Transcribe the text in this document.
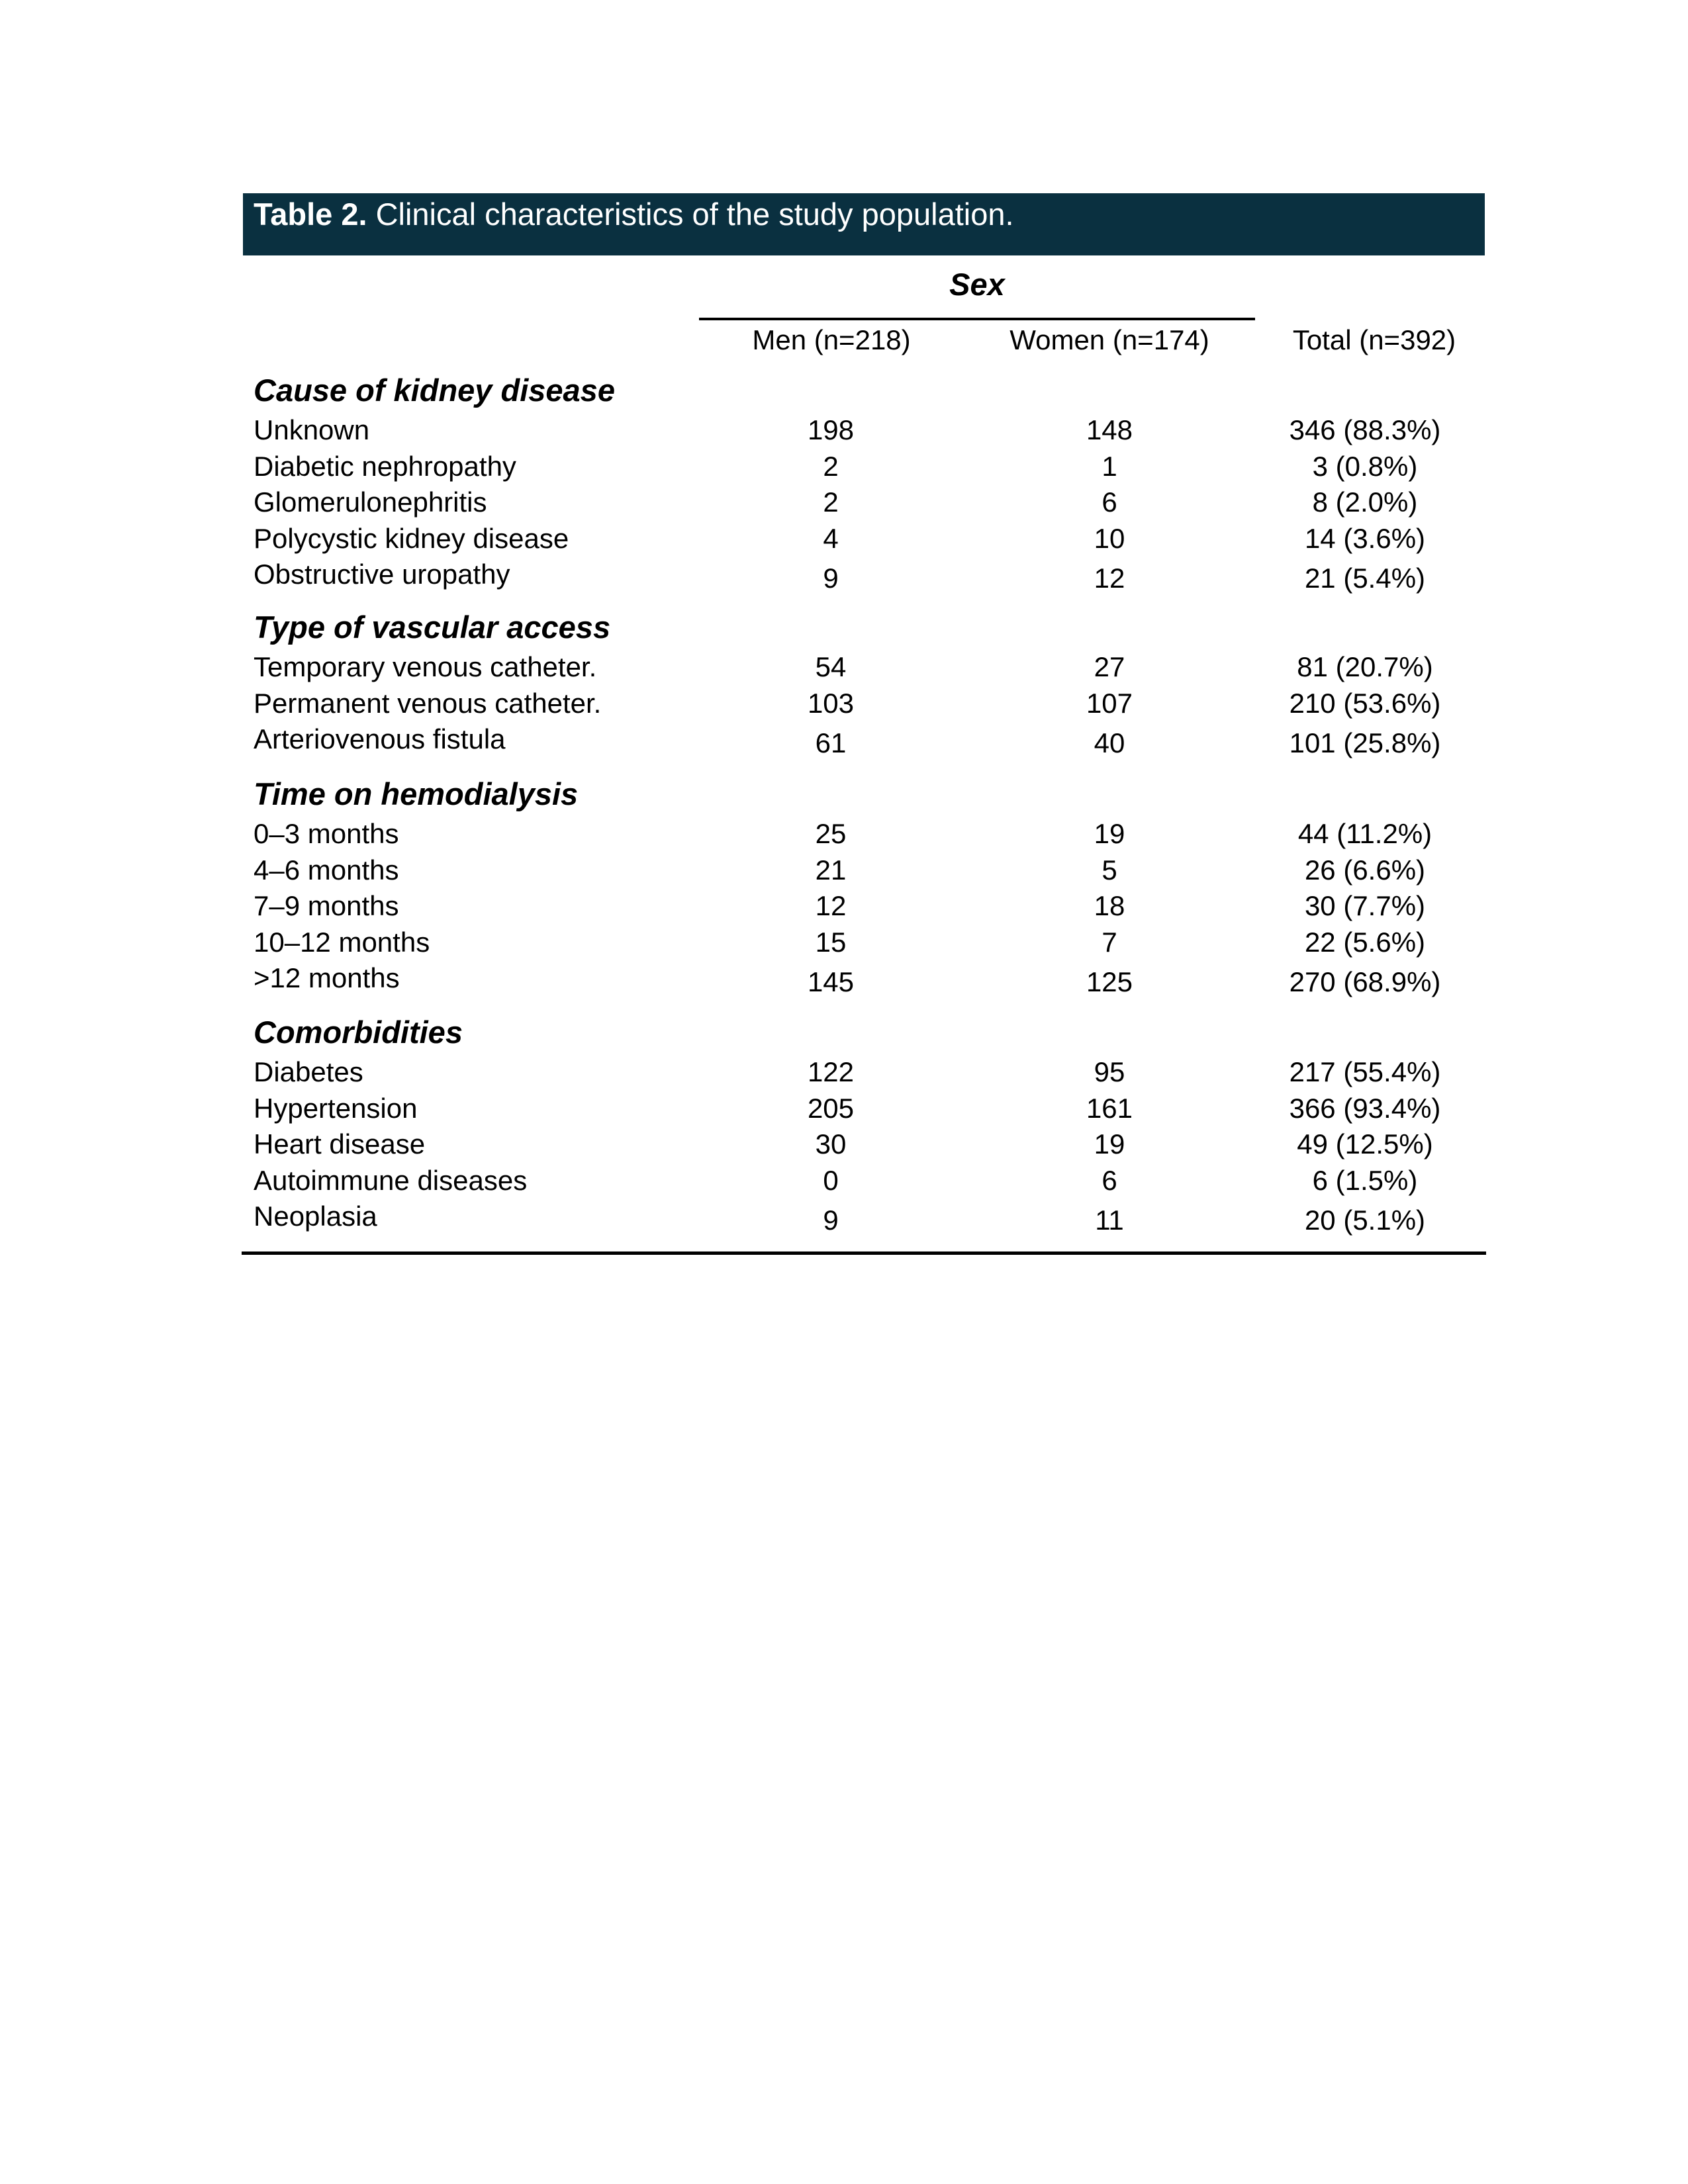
Table 2. Clinical characteristics of the study population.
Sex
Men (n=218)	Women (n=174)	Total (n=392)
Cause of kidney disease
Unknown	198	148	346 (88.3%)
Diabetic nephropathy	2	1	3 (0.8%)
Glomerulonephritis	2	6	8 (2.0%)
Polycystic kidney disease	4	10	14 (3.6%)
Obstructive uropathy	9	12	21 (5.4%)
Type of vascular access
Temporary venous catheter.	54	27	81 (20.7%)
Permanent venous catheter.	103	107	210 (53.6%)
Arteriovenous fistula	61	40	101 (25.8%)
Time on hemodialysis
0–3 months	25	19	44 (11.2%)
4–6 months	21	5	26 (6.6%)
7–9 months	12	18	30 (7.7%)
10–12 months	15	7	22 (5.6%)
>12 months	145	125	270 (68.9%)
Comorbidities
Diabetes	122	95	217 (55.4%)
Hypertension	205	161	366 (93.4%)
Heart disease	30	19	49 (12.5%)
Autoimmune diseases	0	6	6 (1.5%)
Neoplasia	9	11	20 (5.1%)
